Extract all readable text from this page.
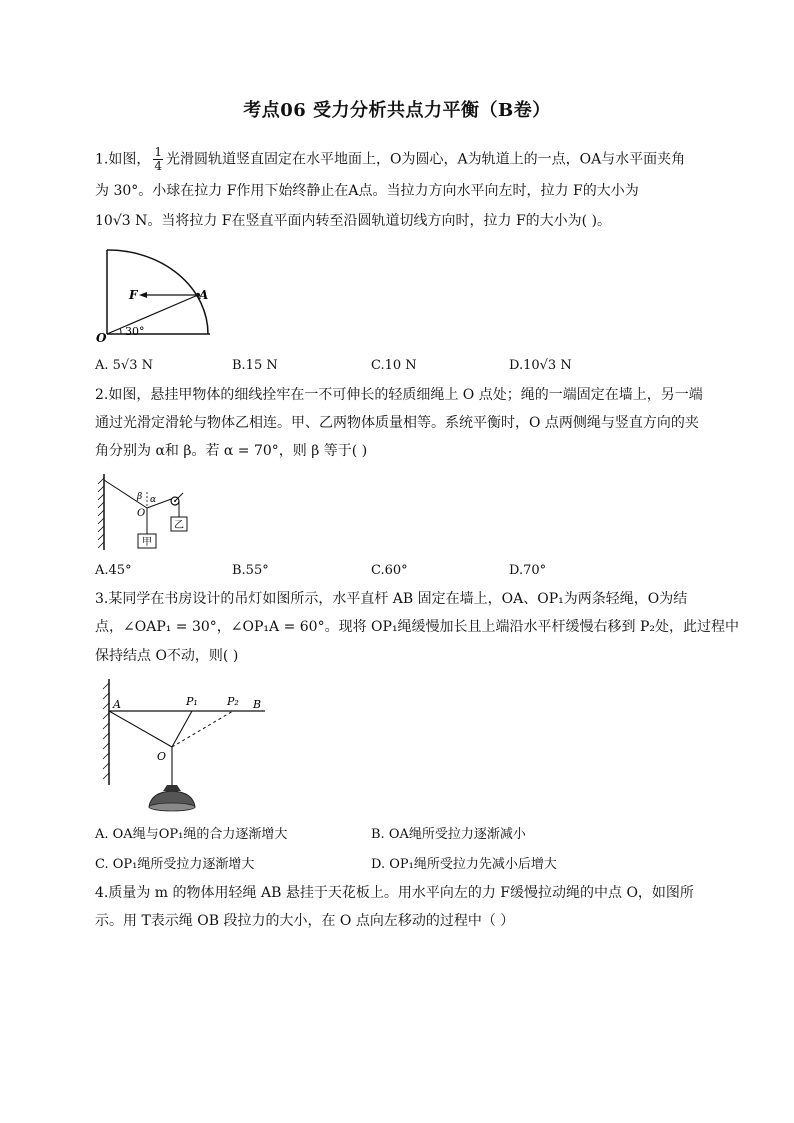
考点06 受力分析共点力平衡（B卷）
1.如图， $\frac{1}{4}$ 光滑圆轨道竖直固定在水平地面上，O为圆心，A为轨道上的一点，OA与水平面夹角
为 30°。小球在拉力 F作用下始终静止在A点。当拉力方向水平向左时，拉力 F的大小为
10√3 N。当将拉力 F在竖直平面内转至沿圆轨道切线方向时，拉力 F的大小为( )。
F	A
O 30°
A. 5√3 N	B.15 N	C.10 N	D.10√3 N
2.如图，悬挂甲物体的细线拴牢在一不可伸长的轻质细绳上 O 点处；绳的一端固定在墙上，另一端
通过光滑定滑轮与物体乙相连。甲、乙两物体质量相等。系统平衡时，O 点两侧绳与竖直方向的夹
角分别为 α和 β。若 α = 70°，则 β 等于( )
乙
甲
β α
O
A.45°	B.55°	C.60°	D.70°
3.某同学在书房设计的吊灯如图所示，水平直杆 AB 固定在墙上，OA、OP₁为两条轻绳，O为结
点，∠OAP₁ = 30°，∠OP₁A = 60°。现将 OP₁绳缓慢加长且上端沿水平杆缓慢右移到 P₂处，此过程中
保持结点 O不动，则( )
A	P₁	P₂ B
O
A. OA绳与OP₁绳的合力逐渐增大	B. OA绳所受拉力逐渐减小
C. OP₁绳所受拉力逐渐增大	D. OP₁绳所受拉力先减小后增大
4.质量为 m 的物体用轻绳 AB 悬挂于天花板上。用水平向左的力 F缓慢拉动绳的中点 O，如图所
示。用 T表示绳 OB 段拉力的大小，在 O 点向左移动的过程中（ ）
